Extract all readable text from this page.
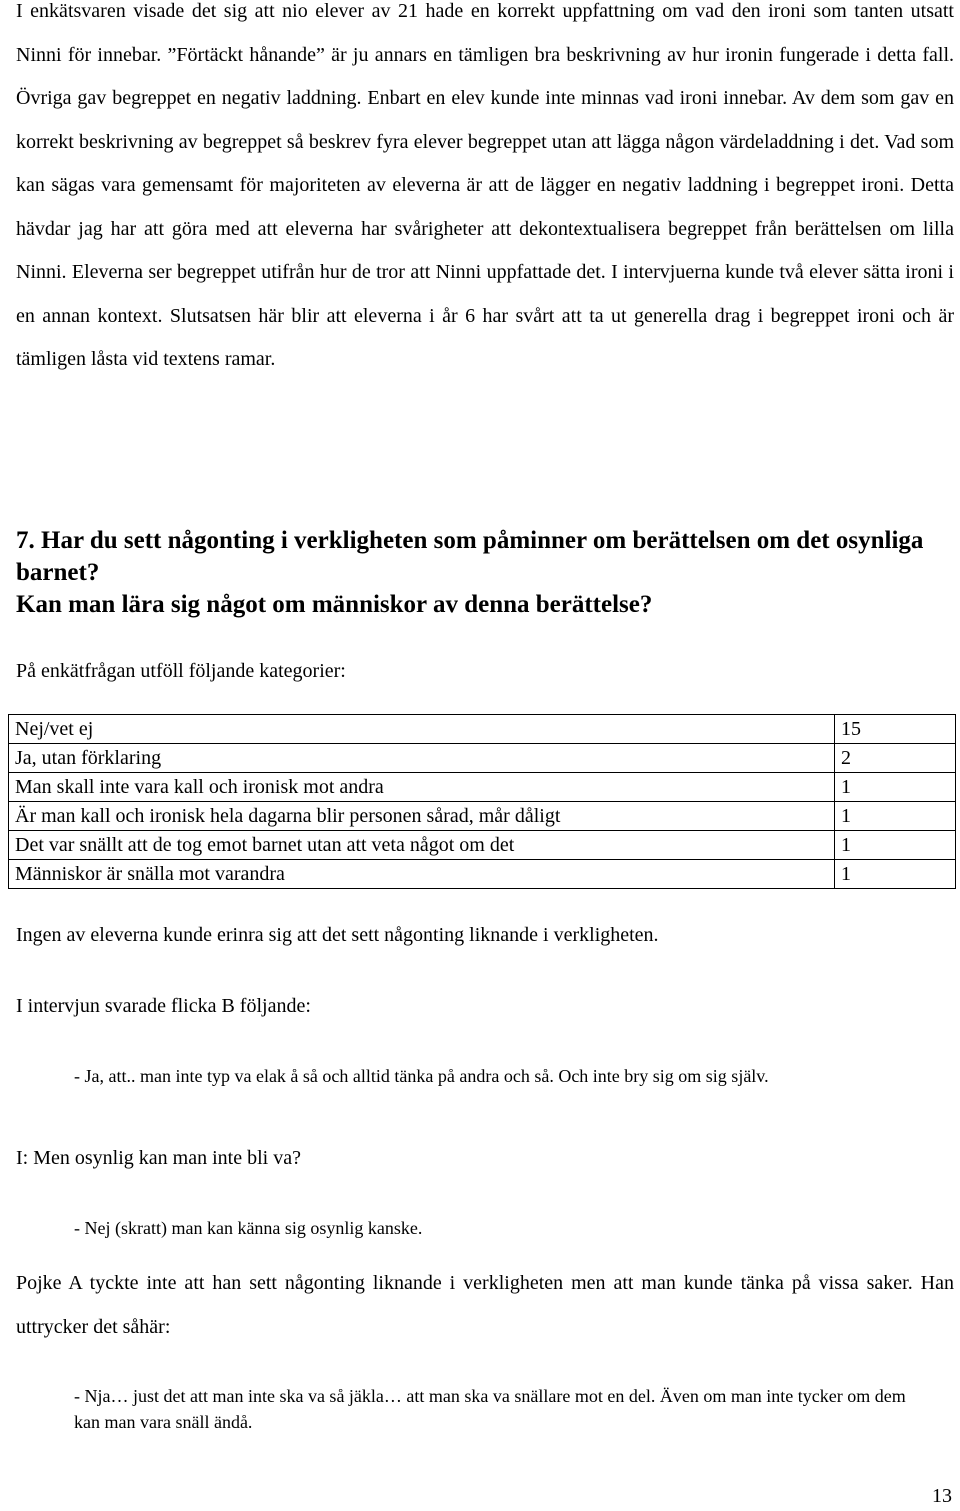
I enkätsvaren visade det sig att nio elever av 21 hade en korrekt uppfattning om vad den ironi som tanten utsatt Ninni för innebar. ”Förtäckt hånande” är ju annars en tämligen bra beskrivning av hur ironin fungerade i detta fall. Övriga gav begreppet en negativ laddning. Enbart en elev kunde inte minnas vad ironi innebar. Av dem som gav en korrekt beskrivning av begreppet så beskrev fyra elever begreppet utan att lägga någon värdeladdning i det. Vad som kan sägas vara gemensamt för majoriteten av eleverna är att de lägger en negativ laddning i begreppet ironi. Detta hävdar jag har att göra med att eleverna har svårigheter att dekontextualisera begreppet från berättelsen om lilla Ninni. Eleverna ser begreppet utifrån hur de tror att Ninni uppfattade det. I intervjuerna kunde två elever sätta ironi i en annan kontext. Slutsatsen här blir att eleverna i år 6 har svårt att ta ut generella drag i begreppet ironi och är tämligen låsta vid textens ramar.

7. Har du sett någonting i verkligheten som påminner om berättelsen om det osynliga barnet?
Kan man lära sig något om människor av denna berättelse?

På enkätfrågan utföll följande kategorier:

Nej/vet ej	15
Ja, utan förklaring	2
Man skall inte vara kall och ironisk mot andra	1
Är man kall och ironisk hela dagarna blir personen sårad, mår dåligt	1
Det var snällt att de tog emot barnet utan att veta något om det	1
Människor är snälla mot varandra	1

Ingen av eleverna kunde erinra sig att det sett någonting liknande i verkligheten.

I intervjun svarade flicka B följande:

- Ja, att.. man inte typ va elak å så och alltid tänka på andra och så. Och inte bry sig om sig själv.

I: Men osynlig kan man inte bli va?

- Nej (skratt) man kan känna sig osynlig kanske.

Pojke A tyckte inte att han sett någonting liknande i verkligheten men att man kunde tänka på vissa saker. Han uttrycker det såhär:

- Nja… just det att man inte ska va så jäkla… att man ska va snällare mot en del. Även om man inte tycker om dem kan man vara snäll ändå.

13
